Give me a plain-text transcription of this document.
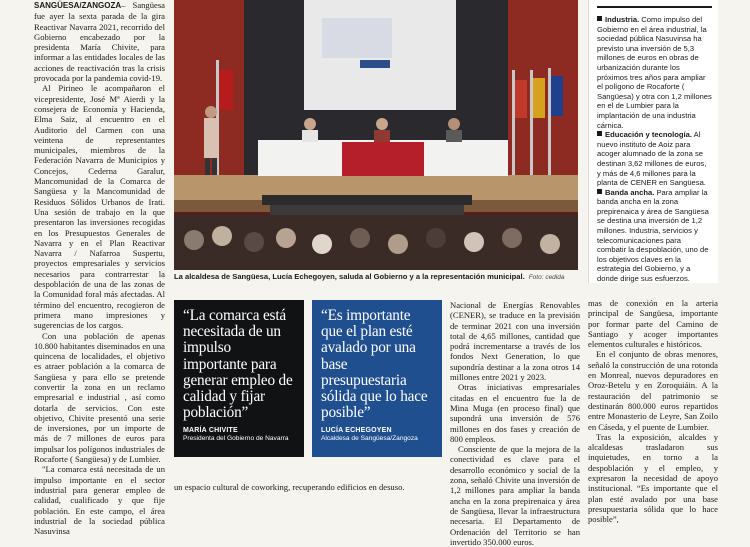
SANGÜESA/ZANGOZA– Sangüesa fue ayer la sexta parada de la gira Reactivar Navarra 2021, recorrido del Gobierno encabezado por la presidenta María Chivite, para informar a las entidades locales de las acciones de reactivación tras la crisis provocada por la pandemia covid-19.

Al Pirineo le acompañaron el vicepresidente, José Mª Aierdi y la consejera de Economía y Hacienda, Elma Saiz, al encuentro en el Auditorio del Carmen con una veintena de representantes municipales, miembros de la Federación Navarra de Municipios y Concejos, Cederna Garalur, Mancomunidad de la Comarca de Sangüesa y la Mancomunidad de Residuos Sólidos Urbanos de Irati. Una sesión de trabajo en la que presentaron las inversiones recogidas en los Presupuestos Generales de Navarra y en el Plan Reactivar Navarra / Nafarroa Suspertu, proyectos empresariales y servicios necesarios para contrarrestar la despoblación de una de las zonas de la Comunidad foral más afectadas. Al término del encuentro, recogieron de primera mano impresiones y sugerencias de los cargos.

Con una población de apenas 10.800 habitantes diseminados en una quincena de localidades, el objetivo es atraer población a la comarca de Sangüesa y para ello se pretende convertir la zona en un reclamo empresarial e industrial , así como dotarla de servicios. Con este objetivo, Chivite presentó una serie de inversiones, por un importe de más de 7 millones de euros para impulsar los polígonos industriales de Rocaforte ( Sangüesa) y de Lumbier.

"La comarca está necesitada de un impulso importante en el sector industrial para generar empleo de calidad, cualificado y que fije población. En este campo, el área industrial de la sociedad pública Nasuvinsa

La alcaldesa de Sangüesa, Lucía Echegoyen, saluda al Gobierno y a la representación municipal. Foto: cedida
Industria. Como impulso del Gobierno en el área industrial, la sociedad pública Nasuvinsa ha previsto una inversión de 5,3 millones de euros en obras de urbanización durante los próximos tres años para ampliar el polígono de Rocaforte ( Sangüesa) y otra con 1,2 millones en el de Lumbier para la implantación de una industria cárnica.
Educación y tecnología. Al nuevo instituto de Aoiz para acoger alumnado de la zona se destinan 3,62 millones de euros, y más de 4,6 millones para la planta de CENER en Sangüesa.
Banda ancha. Para ampliar la banda ancha en la zona prepirenaica y área de Sangüesa se destina una inversión de 1,2 millones. Industria, servicios y telecomunicaciones para combatir la despoblación, uno de los objetivos claves en la estrategia del Gobierno, y a donde dirige sus esfuerzos.
“La comarca está necesitada de un impulso importante para generar empleo de calidad y fijar población”
MARÍA CHIVITE
Presidenta del Gobierno de Navarra
“Es importante que el plan esté avalado por una base presupuestaria sólida que lo hace posible”
LUCÍA ECHEGOYEN
Alcaldesa de Sangüesa/Zangoza

un espacio cultural de coworking, recuperando edificios en desuso.

Nacional de Energías Renovables (CENER), se traduce en la previsión de terminar 2021 con una inversión total de 4,65 millones, cantidad que podrá incrementarse a través de los fondos Next Generation, lo que supondría destinar a la zona otros 14 millones entre 2021 y 2023.

Otras iniciativas empresariales citadas en el encuentro fue la de Mina Muga (en proceso final) que supondrá una inversión de 576 millones en dos fases y creación de 800 empleos.

Consciente de que la mejora de la conectividad es clave para el desarrollo económico y social de la zona, señaló Chivite una inversión de 1,2 millones para ampliar la banda ancha en la zona prepirenaica y área de Sangüesa, llevar la infraestructura necesaria. El Departamento de Ordenación del Territorio se han invertido 350.000 euros.

mas de conexión en la arteria principal de Sangüesa, importante por formar parte del Camino de Santiago y acoger importantes elementos culturales e históricos.

En el conjunto de obras menores, señaló la construcción de una rotonda en Monreal, nuevos depuradores en Oroz-Betelu y en Zoroquiáin. A la restauración del patrimonio se destinarán 800.000 euros repartidos entre Monasterio de Leyre, San Zoilo en Cáseda, y el puente de Lumbier.

Tras la exposición, alcaldes y alcaldesas trasladaron sus inquietudes, en torno a la despoblación y el empleo, y expresaron la necesidad de apoyo institucional. “Es importante que el plan esté avalado por una base presupuestaria sólida que lo hace posible”,
